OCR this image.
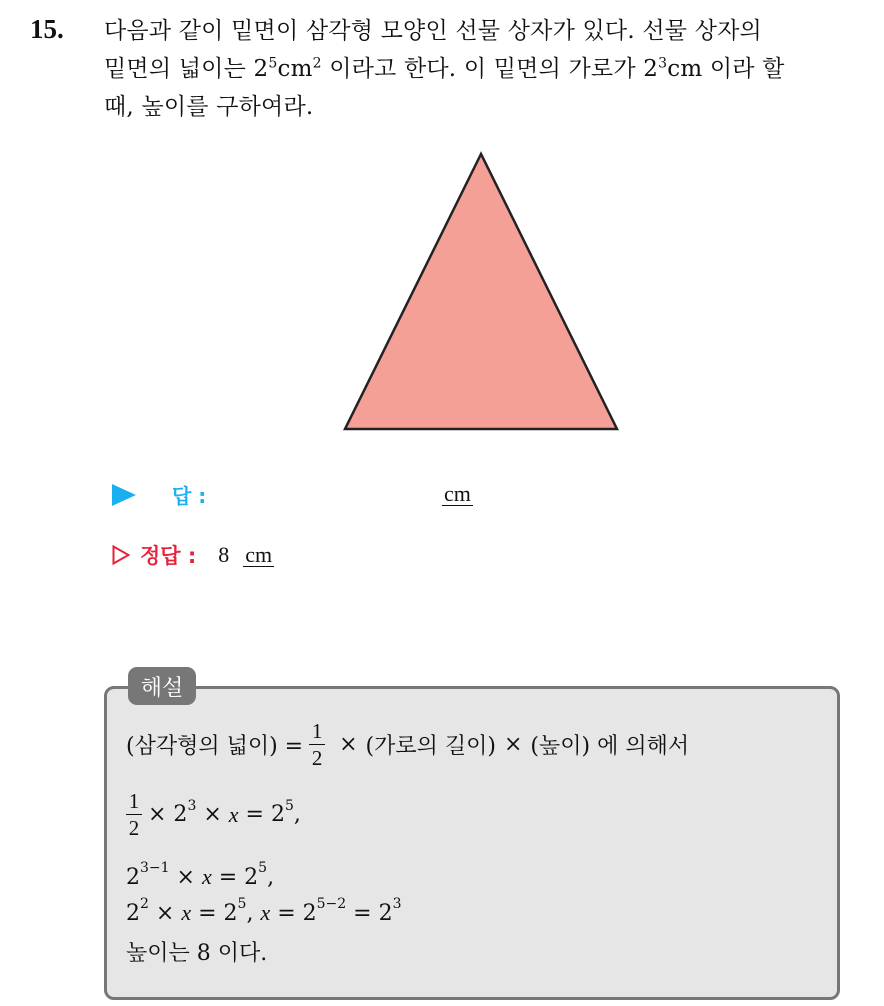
15. 다음과 같이 밑면이 삼각형 모양인 선물 상자가 있다. 선물 상자의
밑면의 넓이는 $2^5cm^2$ 이라고 한다. 이 밑면의 가로가 $2^3cm$ 이라 할
때, 높이를 구하여라.
답 :	cm
정답 : 8 cm
해설
(삼각형의 넓이) = $\frac{1}{2}$ × (가로의 길이) × (높이) 에 의해서
$\frac{1}{2} \times 2^3 \times x = 2^5$ ,
$2^{3-1} \times x = 2^5$ ,
$2^2 \times x = 2^5$ , $x = 2^{5-2} = 2^3$
높이는 8 이다.
